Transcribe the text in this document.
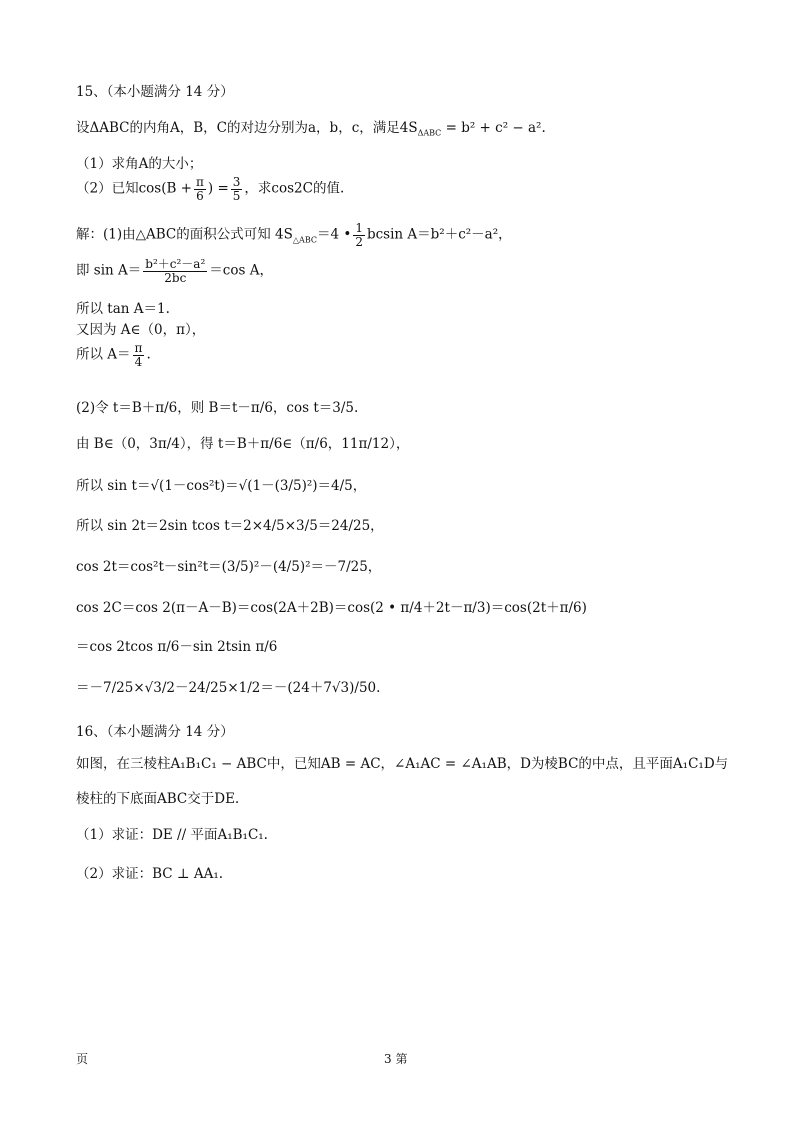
15、（本小题满分 14 分）
设ΔABC的内角A，B，C的对边分别为a，b，c，满足$4S_{\Delta ABC} = b^2 + c^2 - a^2$.
（1）求角A的大小；
（2）已知$\cos(B + \frac{\pi}{6}$ ) = $\frac{3}{5}$ ，求cos2C的值.
解：(1)由△ABC的面积公式可知 $4S_{\triangle ABC}=4$ • $\frac{1}{2}$ bcsin A＝b²＋c²－a²，
即 $\sin A= \frac{\text{b²＋c²－a²}}{2bc} =\cos$ A，
所以 tan A＝1.
又因为 A∈（0，π），
所以 $A= \frac{\pi}{4}$ .
(2)令 t＝B＋π/6，则 B＝t－π/6，cos t＝3/5.
由 B∈（0，3π/4），得 t＝B＋π/6∈（π/6，11π/12），
所以 sin t＝√(1－cos²t)＝√(1－(3/5)²)＝4/5，
所以 sin 2t＝2sin tcos t＝2×4/5×3/5＝24/25，
cos 2t＝cos²t－sin²t＝(3/5)²－(4/5)²＝－7/25，
cos 2C＝cos 2(π－A－B)＝cos(2A＋2B)＝cos(2 • π/4＋2t－π/3)＝cos(2t＋π/6)
＝cos 2tcos π/6－sin 2tsin π/6
＝－7/25×√3/2－24/25×1/2＝－(24＋7√3)/50.
16、（本小题满分 14 分）
如图，在三棱柱A₁B₁C₁ − ABC中，已知AB = AC，∠A₁AC = ∠A₁AB，D为棱BC的中点，且平面A₁C₁D与
棱柱的下底面ABC交于DE.
（1）求证：DE // 平面A₁B₁C₁.
（2）求证：BC ⊥ AA₁.
页	3 第
